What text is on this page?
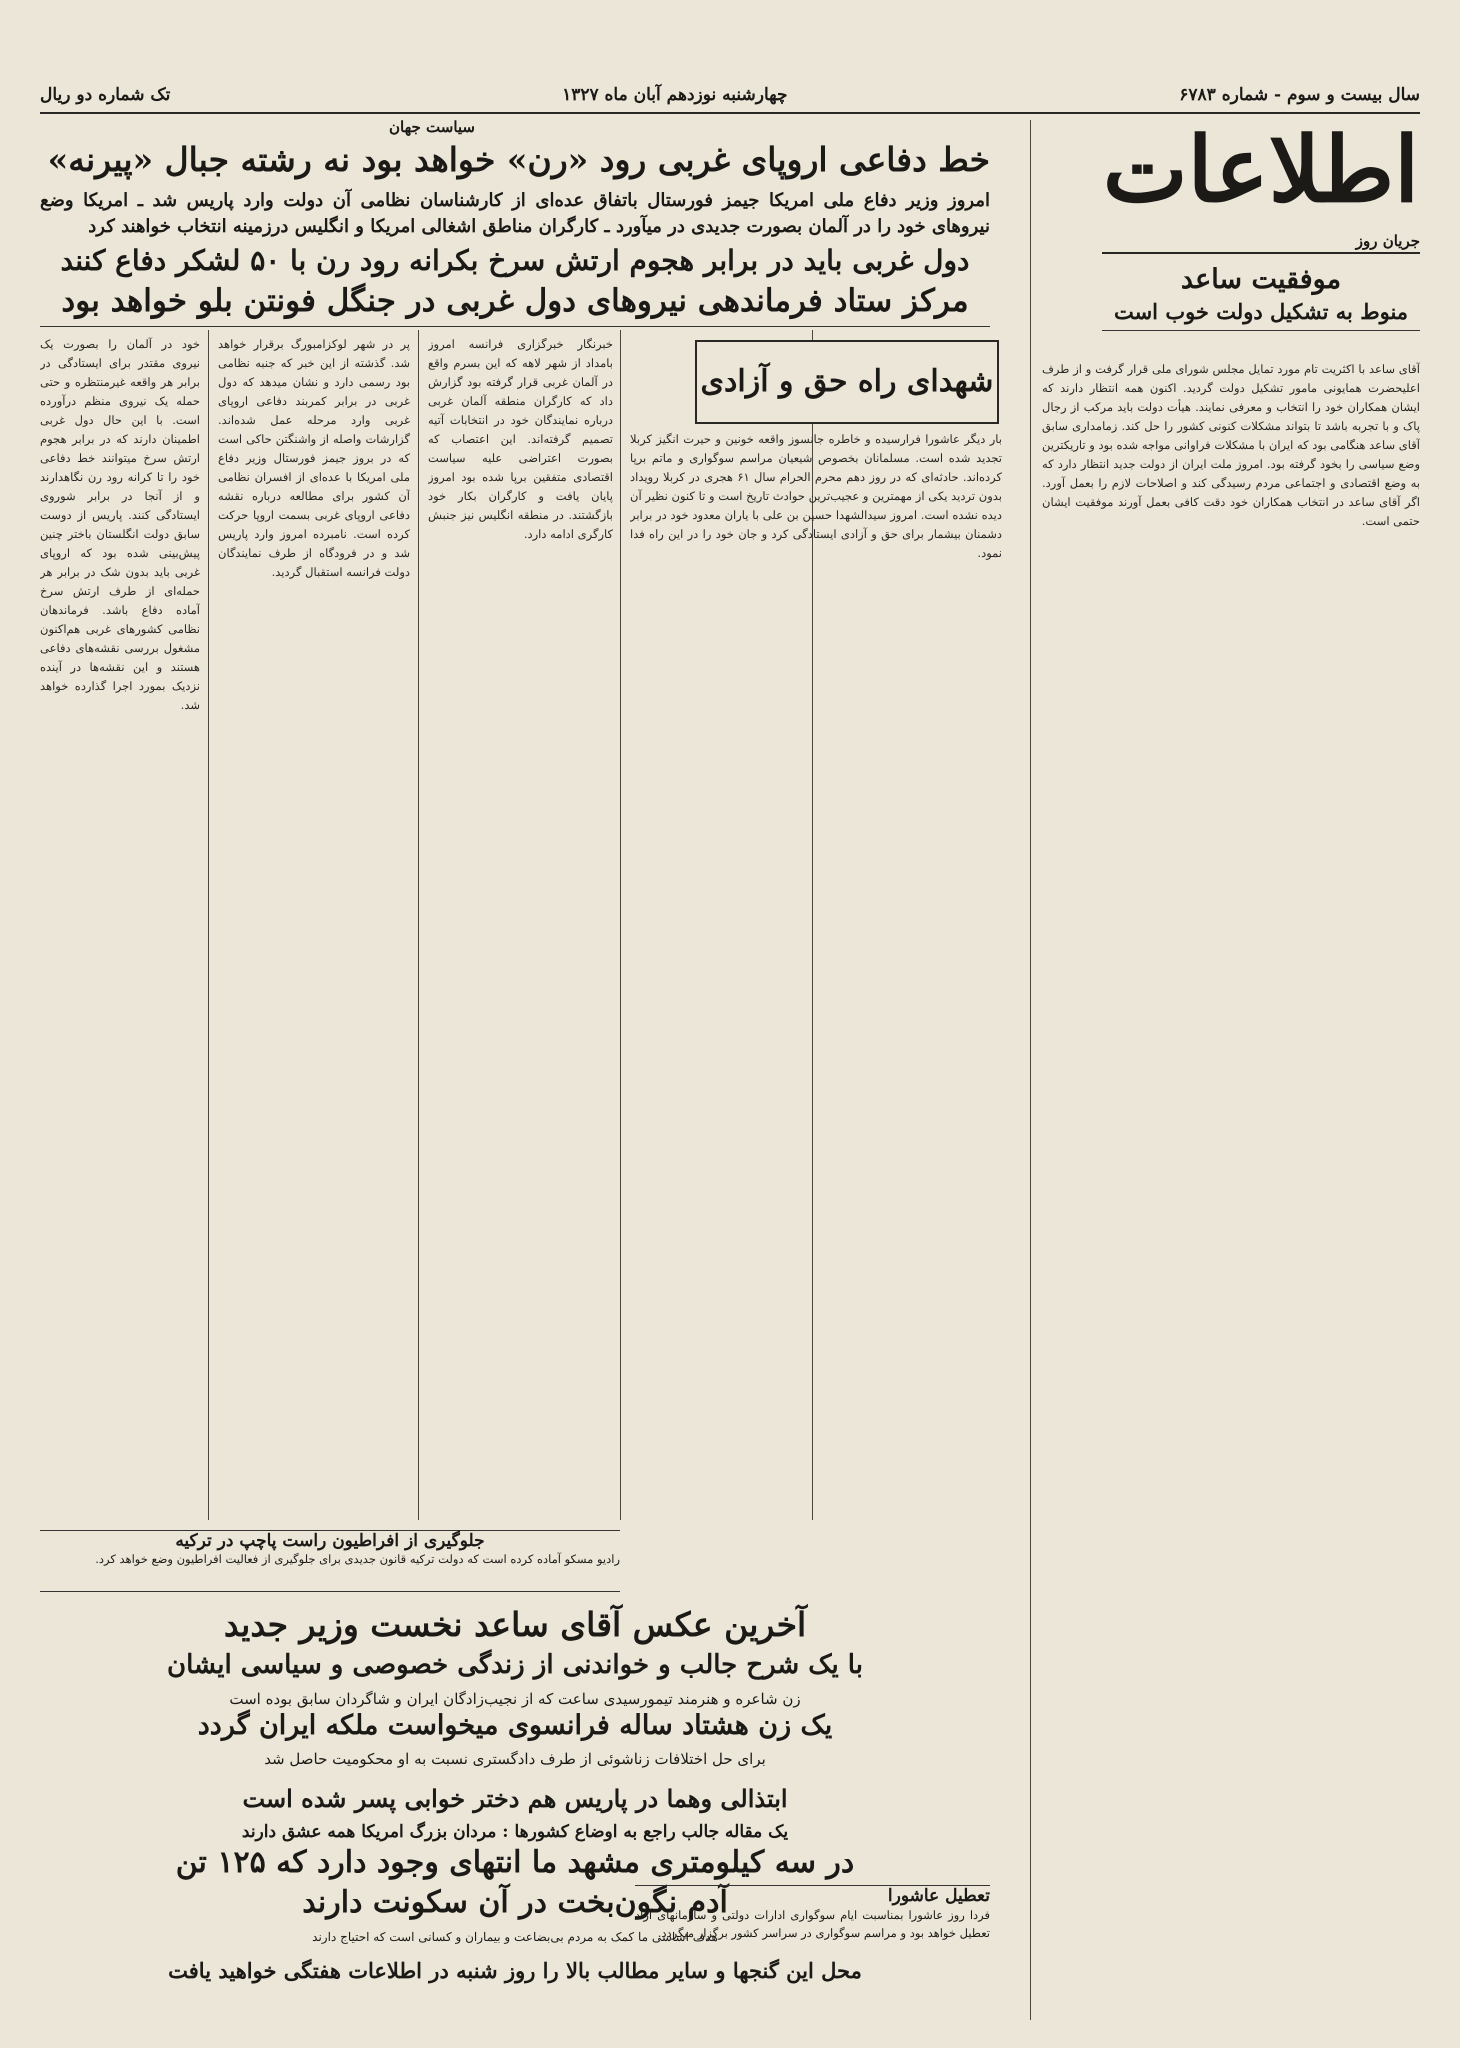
سال بیست و سوم - شماره ۶۷۸۳
چهارشنبه نوزدهم آبان ماه ۱۳۲۷
تک شماره دو ریال
اطلاعات
سیاست جهان
خط دفاعی اروپای غربی رود «رن» خواهد بود نه رشته جبال «پیرنه»
امروز وزیر دفاع ملی امریکا جیمز فورستال باتفاق عده‌ای از کارشناسان نظامی آن دولت وارد پاریس شد ـ امریکا وضع نیروهای خود را در آلمان بصورت جدیدی در میآورد ـ کارگران مناطق اشغالی امریکا و انگلیس درزمینه انتخاب خواهند کرد
دول غربی باید در برابر هجوم ارتش سرخ بکرانه رود رن با ۵۰ لشکر دفاع کنند
مرکز ستاد فرماندهی نیروهای دول غربی در جنگل فونتن بلو خواهد بود
جریان روز
موفقیت ساعد
منوط به تشکیل دولت خوب است
شهدای راه حق و آزادی
خود در آلمان را بصورت یک نیروی مقتدر برای ایستادگی در برابر هر واقعه غیرمنتظره و حتی حمله یک نیروی منظم درآورده است. با این حال دول غربی اطمینان دارند که در برابر هجوم ارتش سرخ میتوانند خط دفاعی خود را تا کرانه رود رن نگاهدارند و از آنجا در برابر شوروی ایستادگی کنند. پاریس از دوست سابق دولت انگلستان باختر چنین پیش‌بینی شده بود که اروپای غربی باید بدون شک در برابر هر حمله‌ای از طرف ارتش سرخ آماده دفاع باشد. فرماندهان نظامی کشورهای غربی هم‌اکنون مشغول بررسی نقشه‌های دفاعی هستند و این نقشه‌ها در آینده نزدیک بمورد اجرا گذارده خواهد شد.
پر در شهر لوکزامبورگ برقرار خواهد شد. گذشته از این خبر که جنبه نظامی بود رسمی دارد و نشان میدهد که دول غربی در برابر کمربند دفاعی اروپای غربی وارد مرحله عمل شده‌اند. گزارشات واصله از واشنگتن حاکی است که در بروز جیمز فورستال وزیر دفاع ملی امریکا با عده‌ای از افسران نظامی آن کشور برای مطالعه درباره نقشه دفاعی اروپای غربی بسمت اروپا حرکت کرده است. نامبرده امروز وارد پاریس شد و در فرودگاه از طرف نمایندگان دولت فرانسه استقبال گردید.
خبرنگار خبرگزاری فرانسه امروز بامداد از شهر لاهه که این بسرم واقع در آلمان غربی قرار گرفته بود گزارش داد که کارگران منطقه آلمان غربی درباره نمایندگان خود در انتخابات آتیه تصمیم گرفته‌اند. این اعتصاب که بصورت اعتراضی علیه سیاست اقتصادی متفقین برپا شده بود امروز پایان یافت و کارگران بکار خود بازگشتند. در منطقه انگلیس نیز جنبش کارگری ادامه دارد.
بار دیگر عاشورا فرارسیده و خاطره جانسوز واقعه خونین و حیرت انگیز کربلا تجدید شده است. مسلمانان بخصوص شیعیان مراسم سوگواری و ماتم برپا کرده‌اند. حادثه‌ای که در روز دهم محرم الحرام سال ۶۱ هجری در کربلا رویداد بدون تردید یکی از مهمترین و عجیب‌ترین حوادث تاریخ است و تا کنون نظیر آن دیده نشده است. امروز سیدالشهدا حسین بن علی با یاران معدود خود در برابر دشمنان بیشمار برای حق و آزادی ایستادگی کرد و جان خود را در این راه فدا نمود.
آقای ساعد با اکثریت تام مورد تمایل مجلس شورای ملی قرار گرفت و از طرف اعلیحضرت همایونی مامور تشکیل دولت گردید. اکنون همه انتظار دارند که ایشان همکاران خود را انتخاب و معرفی نمایند. هیأت دولت باید مرکب از رجال پاک و با تجربه باشد تا بتواند مشکلات کنونی کشور را حل کند. زمامداری سابق آقای ساعد هنگامی بود که ایران با مشکلات فراوانی مواجه شده بود و تاریکترین وضع سیاسی را بخود گرفته بود. امروز ملت ایران از دولت جدید انتظار دارد که به وضع اقتصادی و اجتماعی مردم رسیدگی کند و اصلاحات لازم را بعمل آورد. اگر آقای ساعد در انتخاب همکاران خود دقت کافی بعمل آورند موفقیت ایشان حتمی است.
جلوگیری از افراطیون راست پاچپ در ترکیه
رادیو مسکو آماده کرده است که دولت ترکیه قانون جدیدی برای جلوگیری از فعالیت افراطیون وضع خواهد کرد.
آخرین عکس آقای ساعد نخست وزیر جدید
با یک شرح جالب و خواندنی از زندگی خصوصی و سیاسی ایشان
زن شاعره و هنرمند تیمورسیدی ساعت که از نجیب‌زادگان ایران و شاگردان سابق بوده است
یک زن هشتاد ساله فرانسوی میخواست ملکه ایران گردد
برای حل اختلافات زناشوئی از طرف دادگستری نسبت به او محکومیت حاصل شد
ابتذالی وهما در پاریس هم دختر خوابی پسر شده است
یک مقاله جالب راجع به اوضاع کشورها : مردان بزرگ امریکا همه عشق دارند
در سه کیلومتری مشهد ما انتهای وجود دارد که ۱۲۵ تن
آدم نگون‌بخت در آن سکونت دارند
هدف اساسی ما کمک به مردم بی‌بضاعت و بیماران و کسانی است که احتیاج دارند
محل این گنجها و سایر مطالب بالا را روز شنبه در اطلاعات هفتگی خواهید یافت
تعطیل عاشورا
فردا روز عاشورا بمناسبت ایام سوگواری ادارات دولتی و سازمانهای آزاد تعطیل خواهد بود و مراسم سوگواری در سراسر کشور برگزار میگردد.
